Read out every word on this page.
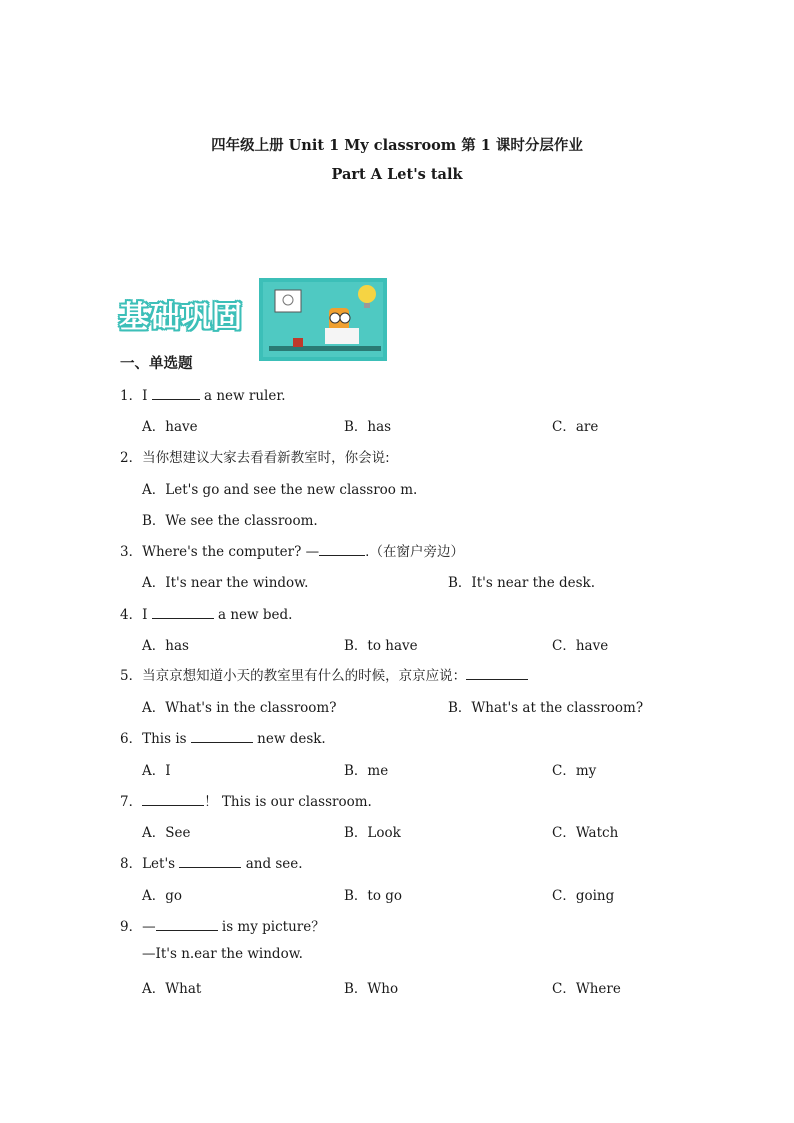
四年级上册 Unit 1 My classroom 第 1 课时分层作业
Part A Let's talk
基础巩固
一、单选题
1．I	a new ruler.
A．have	B．has	C．are
2．当你想建议大家去看看新教室时，你会说:
A．Let's go and see the new classroo m.
B．We see the classroom.
3．Where's the computer? —	.（在窗户旁边）
A．It's near the window.	B．It's near the desk.
4．I	a new bed.
A．has	B．to have	C．have
5．当京京想知道小天的教室里有什么的时候，京京应说：
A．What's in the classroom?	B．What's at the classroom?
6．This is	new desk.
A．I	B．me	C．my
7．	！ This is our classroom.
A．See	B．Look	C．Watch
8．Let's	and see.
A．go	B．to go	C．going
9．—	is my picture？
—It's n.ear the window.
A．What	B．Who	C．Where
